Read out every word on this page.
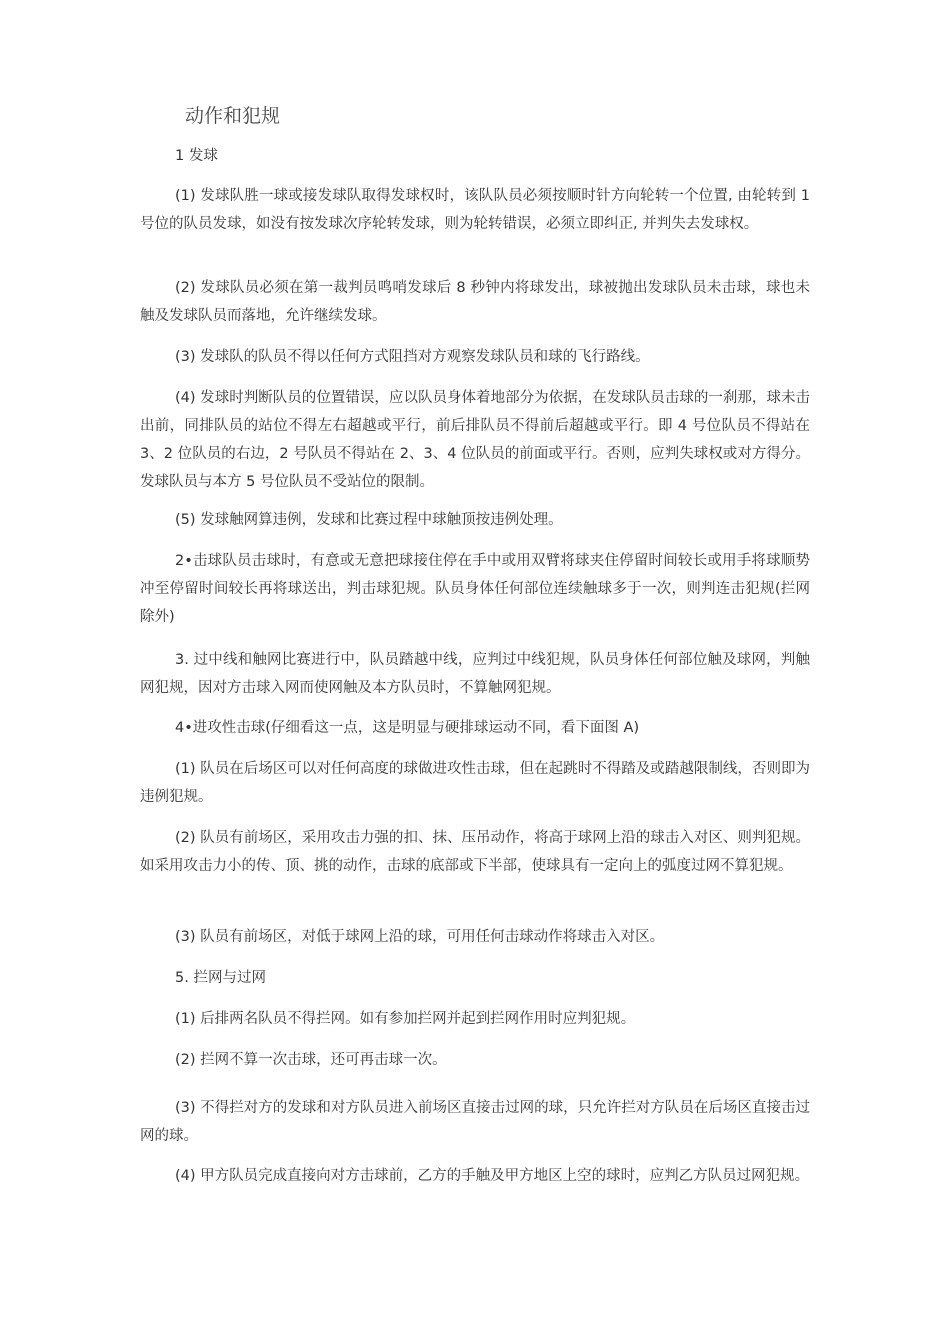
动作和犯规

1 发球

(1) 发球队胜一球或接发球队取得发球权时，该队队员必须按顺时针方向轮转一个位置, 由轮转到 1 号位的队员发球，如没有按发球次序轮转发球，则为轮转错误，必须立即纠正, 并判失去发球权。

(2) 发球队员必须在第一裁判员鸣哨发球后 8 秒钟内将球发出，球被抛出发球队员未击球，球也未触及发球队员而落地，允许继续发球。

(3) 发球队的队员不得以任何方式阻挡对方观察发球队员和球的飞行路线。

(4) 发球时判断队员的位置错误，应以队员身体着地部分为依据，在发球队员击球的一刹那，球未击出前，同排队员的站位不得左右超越或平行，前后排队员不得前后超越或平行。即 4 号位队员不得站在 3、2 位队员的右边，2 号队员不得站在 2、3、4 位队员的前面或平行。否则，应判失球权或对方得分。发球队员与本方 5 号位队员不受站位的限制。

(5) 发球触网算违例，发球和比赛过程中球触顶按违例处理。

2•击球队员击球时，有意或无意把球接住停在手中或用双臂将球夹住停留时间较长或用手将球顺势冲至停留时间较长再将球送出，判击球犯规。队员身体任何部位连续触球多于一次，则判连击犯规(拦网除外)

3. 过中线和触网比赛进行中，队员踏越中线，应判过中线犯规，队员身体任何部位触及球网，判触网犯规，因对方击球入网而使网触及本方队员时，不算触网犯规。

4•进攻性击球(仔细看这一点，这是明显与硬排球运动不同，看下面图 A)

(1) 队员在后场区可以对任何高度的球做进攻性击球，但在起跳时不得踏及或踏越限制线，否则即为违例犯规。

(2) 队员有前场区，采用攻击力强的扣、抹、压吊动作，将高于球网上沿的球击入对区、则判犯规。如采用攻击力小的传、顶、挑的动作，击球的底部或下半部，使球具有一定向上的弧度过网不算犯规。

(3) 队员有前场区，对低于球网上沿的球，可用任何击球动作将球击入对区。

5. 拦网与过网

(1) 后排两名队员不得拦网。如有参加拦网并起到拦网作用时应判犯规。

(2) 拦网不算一次击球，还可再击球一次。

(3) 不得拦对方的发球和对方队员进入前场区直接击过网的球，只允许拦对方队员在后场区直接击过网的球。

(4) 甲方队员完成直接向对方击球前，乙方的手触及甲方地区上空的球时，应判乙方队员过网犯规。
